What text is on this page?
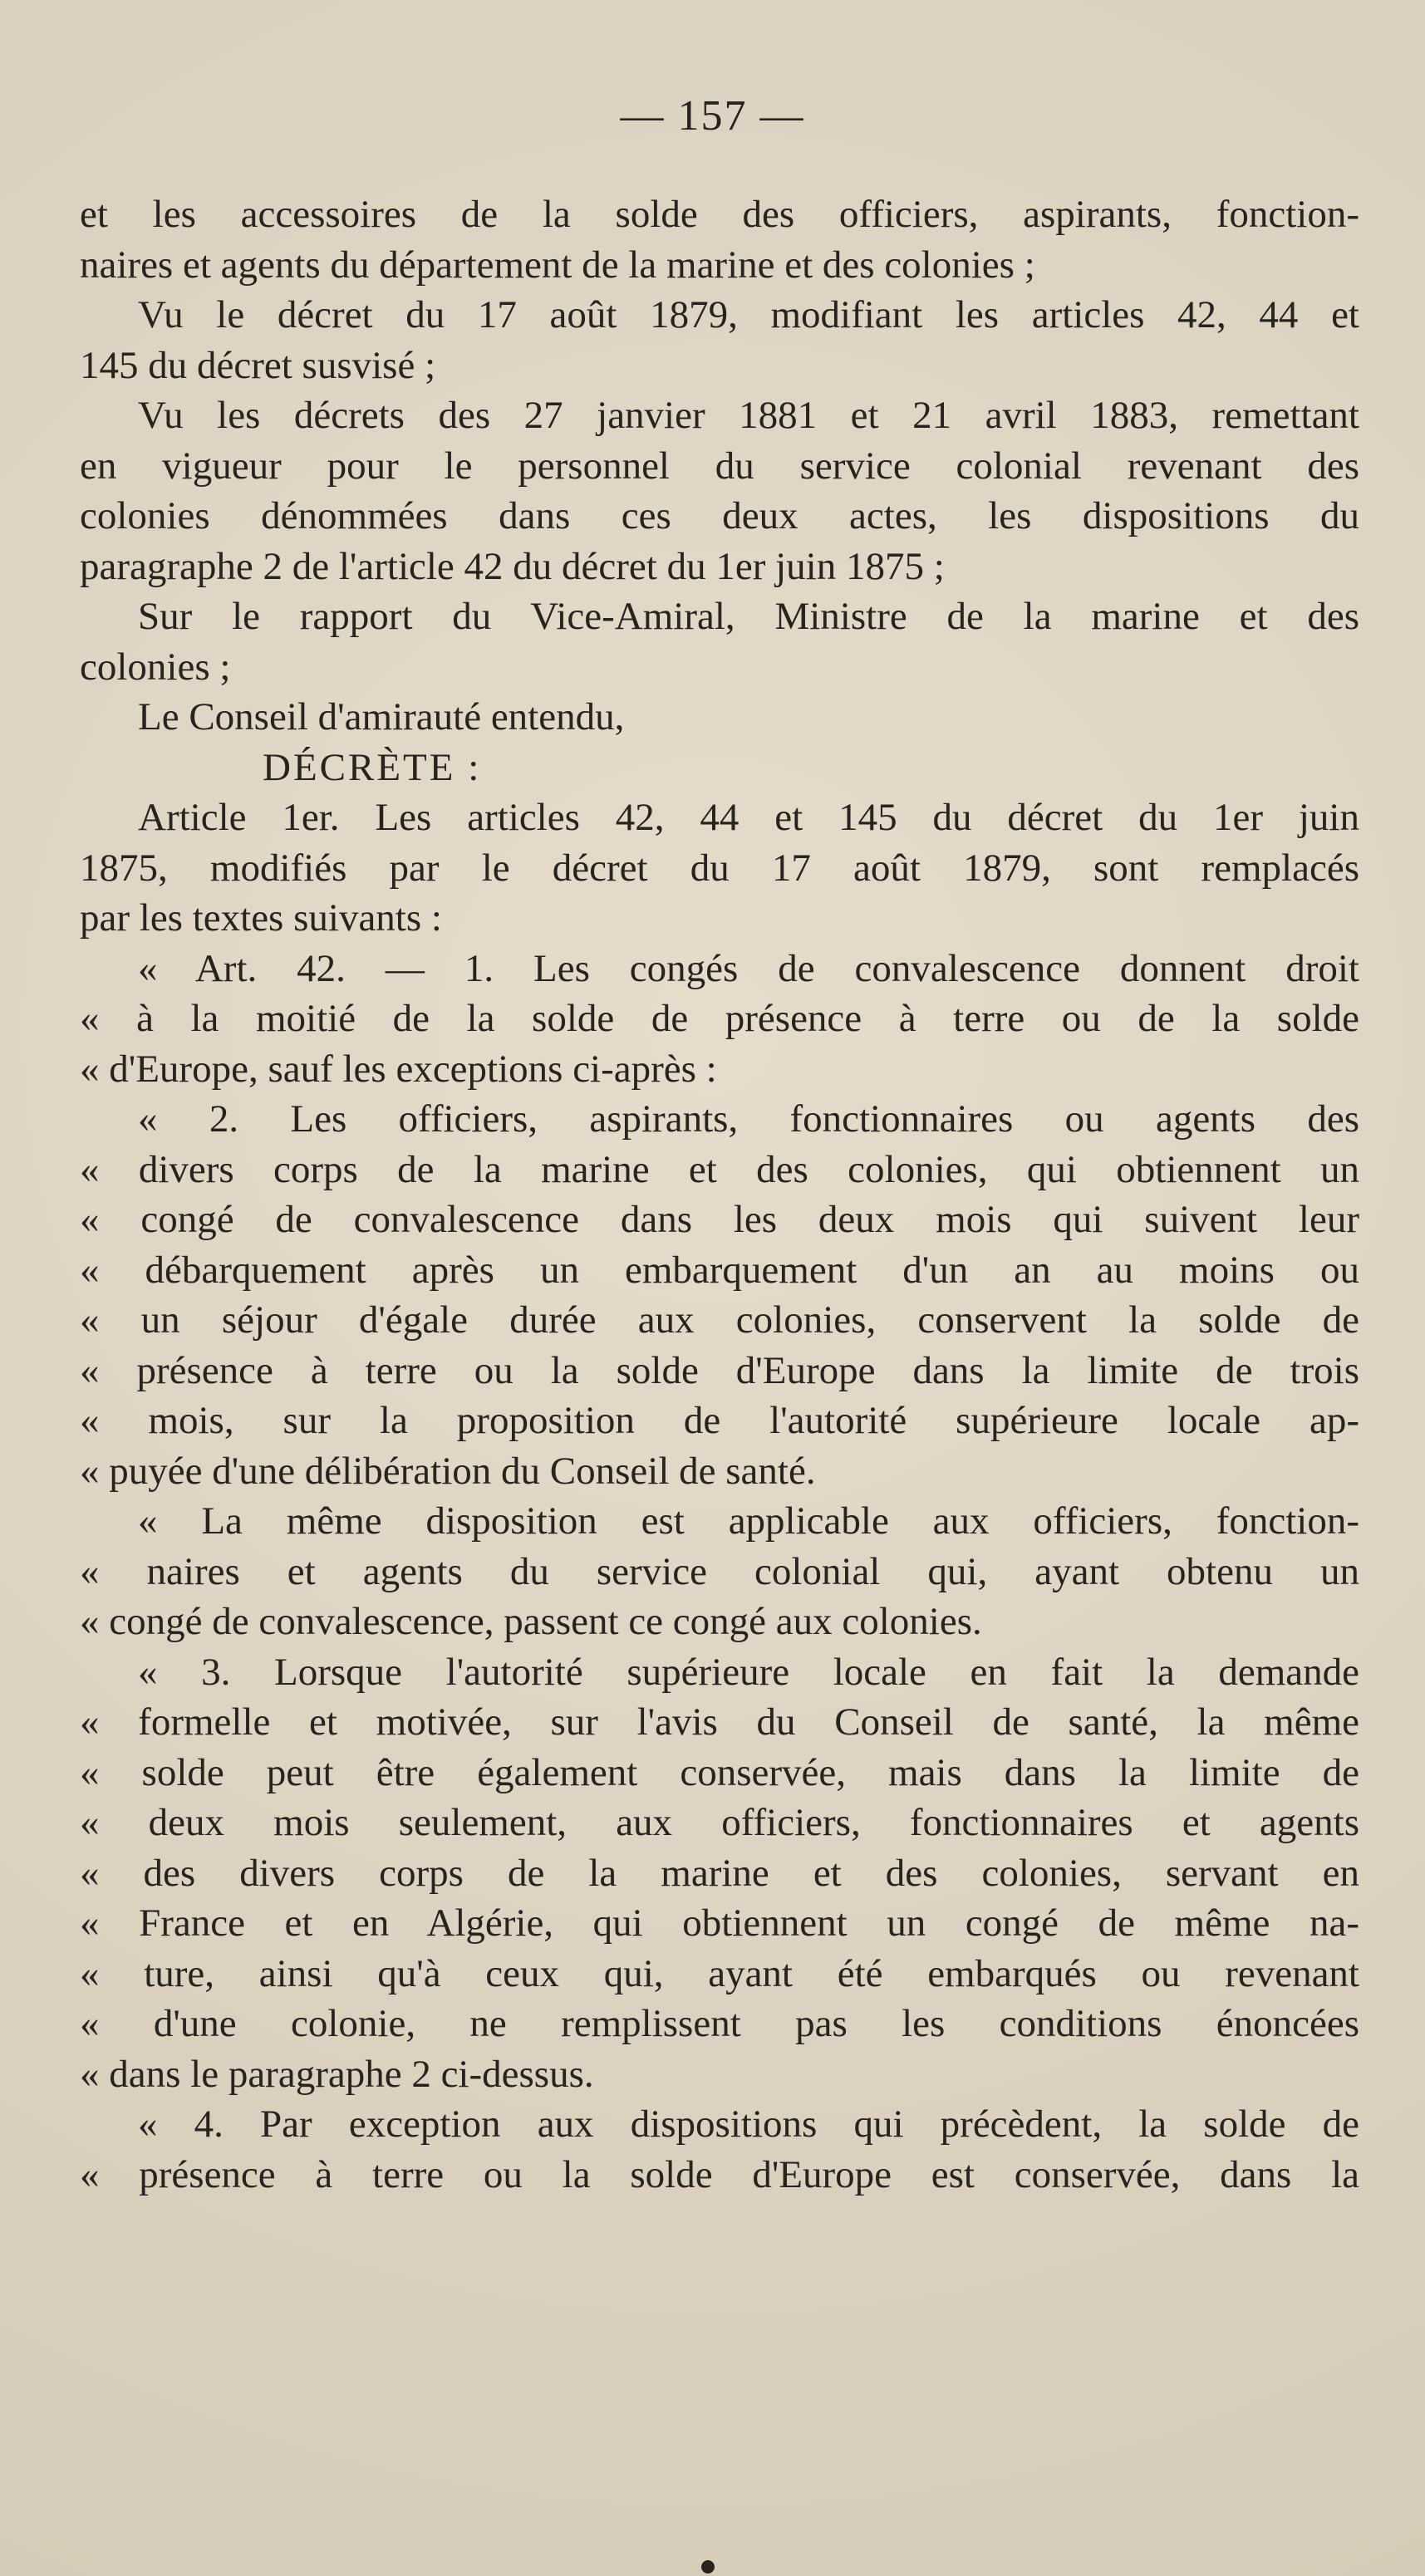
— 157 —
et les accessoires de la solde des officiers, aspirants, fonction-
naires et agents du département de la marine et des colonies ;
Vu le décret du 17 août 1879, modifiant les articles 42, 44 et
145 du décret susvisé ;
Vu les décrets des 27 janvier 1881 et 21 avril 1883, remettant
en vigueur pour le personnel du service colonial revenant des
colonies dénommées dans ces deux actes, les dispositions du
paragraphe 2 de l'article 42 du décret du 1er juin 1875 ;
Sur le rapport du Vice-Amiral, Ministre de la marine et des
colonies ;
Le Conseil d'amirauté entendu,
DÉCRÈTE :
Article 1er. Les articles 42, 44 et 145 du décret du 1er juin
1875, modifiés par le décret du 17 août 1879, sont remplacés
par les textes suivants :
« Art. 42. — 1. Les congés de convalescence donnent droit
« à la moitié de la solde de présence à terre ou de la solde
« d'Europe, sauf les exceptions ci-après :
« 2. Les officiers, aspirants, fonctionnaires ou agents des
« divers corps de la marine et des colonies, qui obtiennent un
« congé de convalescence dans les deux mois qui suivent leur
« débarquement après un embarquement d'un an au moins ou
« un séjour d'égale durée aux colonies, conservent la solde de
« présence à terre ou la solde d'Europe dans la limite de trois
« mois, sur la proposition de l'autorité supérieure locale ap-
« puyée d'une délibération du Conseil de santé.
« La même disposition est applicable aux officiers, fonction-
« naires et agents du service colonial qui, ayant obtenu un
« congé de convalescence, passent ce congé aux colonies.
« 3. Lorsque l'autorité supérieure locale en fait la demande
« formelle et motivée, sur l'avis du Conseil de santé, la même
« solde peut être également conservée, mais dans la limite de
« deux mois seulement, aux officiers, fonctionnaires et agents
« des divers corps de la marine et des colonies, servant en
« France et en Algérie, qui obtiennent un congé de même na-
« ture, ainsi qu'à ceux qui, ayant été embarqués ou revenant
« d'une colonie, ne remplissent pas les conditions énoncées
« dans le paragraphe 2 ci-dessus.
« 4. Par exception aux dispositions qui précèdent, la solde de
« présence à terre ou la solde d'Europe est conservée, dans la
